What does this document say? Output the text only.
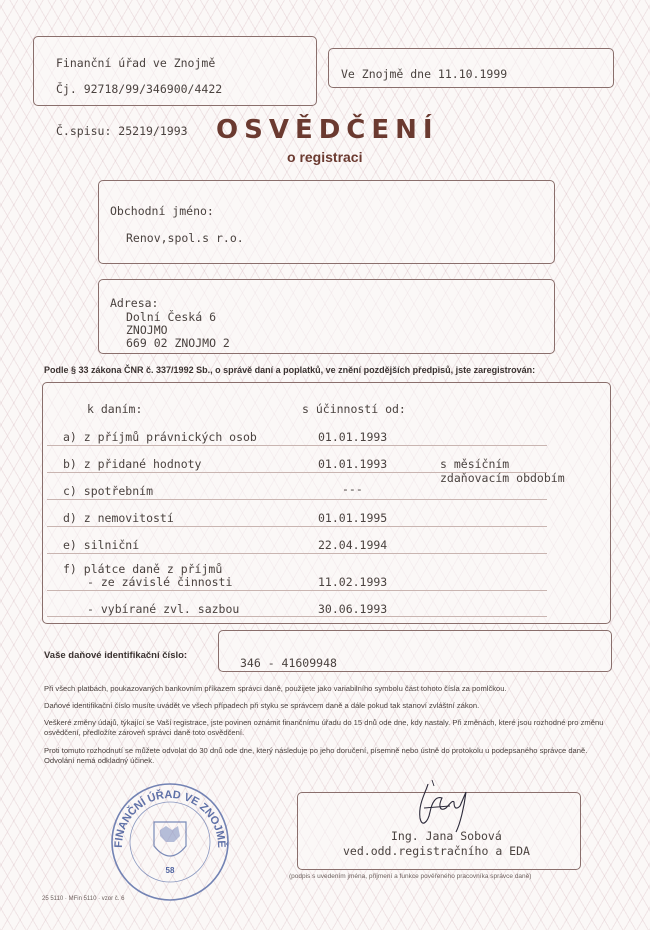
Finanční úřad ve Znojmě
Čj. 92718/99/346900/4422
Ve Znojmě dne 11.10.1999
Č.spisu: 25219/1993 OSVĚDČENÍ
o registraci
Obchodní jméno:
Renov,spol.s r.o.
Adresa:
Dolní Česká 6
ZNOJMO
669 02 ZNOJMO 2
Podle § 33 zákona ČNR č. 337/1992 Sb., o správě daní a poplatků, ve znění pozdějších předpisů, jste zaregistrován:
k daním:	s účinností od:
a) z příjmů právnických osob	01.01.1993
b) z přidané hodnoty	01.01.1993	s měsíčním
zdaňovacím obdobím
c) spotřebním	---
d) z nemovitostí	01.01.1995
e) silniční	22.04.1994
f) plátce daně z příjmů
- ze závislé činnosti	11.02.1993
- vybírané zvl. sazbou	30.06.1993
Vaše daňové identifikační číslo:
346 - 41609948
Při všech platbách, poukazovaných bankovním příkazem správci daně, použijete jako variabilního symbolu část tohoto čísla za pomlčkou.
Daňové identifikační číslo musíte uvádět ve všech případech při styku se správcem daně a dále pokud tak stanoví zvláštní zákon.
Veškeré změny údajů, týkající se Vaší registrace, jste povinen oznámit finančnímu úřadu do 15 dnů ode dne, kdy nastaly. Při změnách, které jsou rozhodné pro změnu osvědčení, předložíte zároveň správci daně toto osvědčení.
Proti tomuto rozhodnutí se můžete odvolat do 30 dnů ode dne, který následuje po jeho doručení, písemně nebo ústně do protokolu u podepsaného správce daně. Odvolání nemá odkladný účinek.
FINANČNÍ ÚŘAD VE ZNOJMĚ
58
Ing. Jana Sobová
ved.odd.registračního a EDA
(podpis s uvedením jména, příjmení a funkce pověřeného pracovníka správce daně)
25 5110 · MFin 5110 · vzor č. 6
